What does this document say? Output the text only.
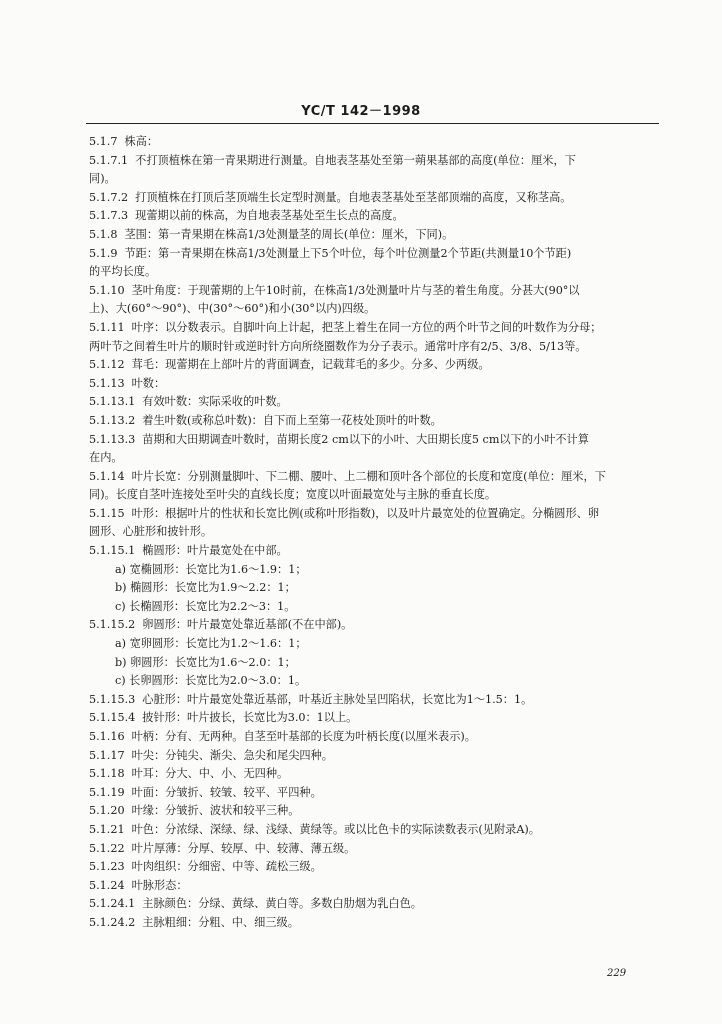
YC/T 142－1998
5.1.7 株高：
5.1.7.1 不打顶植株在第一青果期进行测量。自地表茎基处至第一蒴果基部的高度(单位：厘米，下
同)。
5.1.7.2 打顶植株在打顶后茎顶端生长定型时测量。自地表茎基处至茎部顶端的高度，又称茎高。
5.1.7.3 现蕾期以前的株高，为自地表茎基处至生长点的高度。
5.1.8 茎围：第一青果期在株高1/3处测量茎的周长(单位：厘米，下同)。
5.1.9 节距：第一青果期在株高1/3处测量上下5个叶位，每个叶位测量2个节距(共测量10个节距)
的平均长度。
5.1.10 茎叶角度：于现蕾期的上午10时前，在株高1/3处测量叶片与茎的着生角度。分甚大(90°以
上)、大(60°～90°)、中(30°～60°)和小(30°以内)四级。
5.1.11 叶序：以分数表示。自脚叶向上计起，把茎上着生在同一方位的两个叶节之间的叶数作为分母；
两叶节之间着生叶片的顺时针或逆时针方向所绕圈数作为分子表示。通常叶序有2/5、3/8、5/13等。
5.1.12 茸毛：现蕾期在上部叶片的背面调查，记载茸毛的多少。分多、少两级。
5.1.13 叶数：
5.1.13.1 有效叶数：实际采收的叶数。
5.1.13.2 着生叶数(或称总叶数)：自下而上至第一花枝处顶叶的叶数。
5.1.13.3 苗期和大田期调查叶数时，苗期长度2 cm以下的小叶、大田期长度5 cm以下的小叶不计算
在内。
5.1.14 叶片长宽：分别测量脚叶、下二棚、腰叶、上二棚和顶叶各个部位的长度和宽度(单位：厘米，下
同)。长度自茎叶连接处至叶尖的直线长度；宽度以叶面最宽处与主脉的垂直长度。
5.1.15 叶形：根据叶片的性状和长宽比例(或称叶形指数)，以及叶片最宽处的位置确定。分椭圆形、卵
圆形、心脏形和披针形。
5.1.15.1 椭圆形：叶片最宽处在中部。
a) 宽椭圆形：长宽比为1.6～1.9：1；
b) 椭圆形：长宽比为1.9～2.2：1；
c) 长椭圆形：长宽比为2.2～3：1。
5.1.15.2 卵圆形：叶片最宽处靠近基部(不在中部)。
a) 宽卵圆形：长宽比为1.2～1.6：1；
b) 卵圆形：长宽比为1.6～2.0：1；
c) 长卵圆形：长宽比为2.0～3.0：1。
5.1.15.3 心脏形：叶片最宽处靠近基部，叶基近主脉处呈凹陷状，长宽比为1～1.5：1。
5.1.15.4 披针形：叶片披长，长宽比为3.0：1以上。
5.1.16 叶柄：分有、无两种。自茎至叶基部的长度为叶柄长度(以厘米表示)。
5.1.17 叶尖：分钝尖、渐尖、急尖和尾尖四种。
5.1.18 叶耳：分大、中、小、无四种。
5.1.19 叶面：分皱折、较皱、较平、平四种。
5.1.20 叶缘：分皱折、波状和较平三种。
5.1.21 叶色：分浓绿、深绿、绿、浅绿、黄绿等。或以比色卡的实际读数表示(见附录A)。
5.1.22 叶片厚薄：分厚、较厚、中、较薄、薄五级。
5.1.23 叶肉组织：分细密、中等、疏松三级。
5.1.24 叶脉形态：
5.1.24.1 主脉颜色：分绿、黄绿、黄白等。多数白肋烟为乳白色。
5.1.24.2 主脉粗细：分粗、中、细三级。
229
